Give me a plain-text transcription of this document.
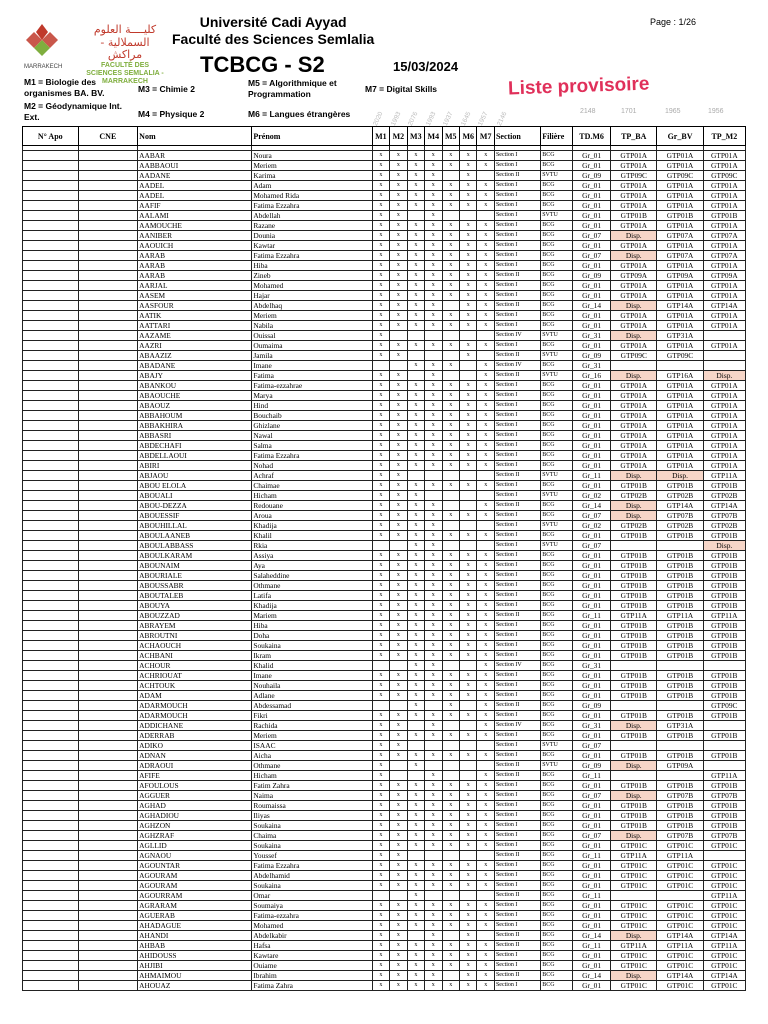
كليــــة العلوم السملالية - مراكش
FACULTÉ DES SCIENCES SEMLALIA - MARRAKECH
MARRAKECH
Université Cadi Ayyad
Faculté des Sciences Semlalia
TCBCG - S2	15/03/2024
Page : 1/26
Liste provisoire
M1 = Biologie des organismes BA. BV.
M2 = Géodynamique Int. Ext.
M3 = Chimie 2
M4 = Physique 2
M5 = Algorithmique et Programmation
M6 = Langues étrangères
M7 = Digital Skills
2020 1993 2076 1993 1937 1645 1957 2146	2148	1701	1965	1956
N° Apo	CNE	Nom	Prénom	M1	M2	M3	M4	M5	M6	M7	Section	Filière	TD.M6	TP_BA	Gr_BV	TP_M2

		AABAR	Noura	x	x	x	x	x	x	x	Section I	BCG	Gr_01	GTP01A	GTP01A	GTP01A
		AABBAOUI	Meriem	x	x	x	x	x	x	x	Section I	BCG	Gr_01	GTP01A	GTP01A	GTP01A
		AADANE	Karima	x	x	x	x		x		Section II	SVTU	Gr_09	GTP09C	GTP09C	GTP09C
		AADEL	Adam	x	x	x	x	x	x	x	Section I	BCG	Gr_01	GTP01A	GTP01A	GTP01A
		AADEL	Mohamed Rida	x	x	x	x	x	x	x	Section I	BCG	Gr_01	GTP01A	GTP01A	GTP01A
		AAFIF	Fatima Ezzahra	x	x	x	x	x	x	x	Section I	BCG	Gr_01	GTP01A	GTP01A	GTP01A
		AALAMI	Abdellah	x	x		x				Section I	SVTU	Gr_01	GTP01B	GTP01B	GTP01B
		AAMOUCHE	Razane	x	x	x	x	x	x	x	Section I	BCG	Gr_01	GTP01A	GTP01A	GTP01A
		AANIBER	Dounia	x	x	x	x	x	x	x	Section I	BCG	Gr_07	Disp.	GTP07A	GTP07A
		AAOUICH	Kawtar	x	x	x	x	x	x	x	Section I	BCG	Gr_01	GTP01A	GTP01A	GTP01A
		AARAB	Fatima Ezzahra	x	x	x	x	x	x	x	Section I	BCG	Gr_07	Disp.	GTP07A	GTP07A
		AARAB	Hiba	x	x	x	x	x	x	x	Section I	BCG	Gr_01	GTP01A	GTP01A	GTP01A
		AARAB	Zineb	x	x	x	x	x	x	x	Section II	BCG	Gr_09	GTP09A	GTP09A	GTP09A
		AARJAL	Mohamed	x	x	x	x	x	x	x	Section I	BCG	Gr_01	GTP01A	GTP01A	GTP01A
		AASEM	Hajar	x	x	x	x	x	x	x	Section I	BCG	Gr_01	GTP01A	GTP01A	GTP01A
		AASFOUR	Abdelhaq	x	x	x	x		x	x	Section II	BCG	Gr_14	Disp.	GTP14A	GTP14A
		AATIK	Meriem	x	x	x	x	x	x	x	Section I	BCG	Gr_01	GTP01A	GTP01A	GTP01A
		AATTARI	Nabila	x	x	x	x	x	x	x	Section I	BCG	Gr_01	GTP01A	GTP01A	GTP01A
		AAZAME	Ouissal	x							Section IV	SVTU	Gr_31	Disp.	GTP31A	
		AAZRI	Oumaima	x	x	x	x	x	x	x	Section I	BCG	Gr_01	GTP01A	GTP01A	GTP01A
		ABAAZIZ	Jamila	x	x				x		Section II	SVTU	Gr_09	GTP09C	GTP09C	
		ABADANE	Imane			x	x	x		x	Section IV	BCG	Gr_31			
		ABAJY	Fatima	x	x		x			x	Section II	SVTU	Gr_16	Disp.	GTP16A	Disp.
		ABANKOU	Fatima-ezzahrae	x	x	x	x	x	x	x	Section I	BCG	Gr_01	GTP01A	GTP01A	GTP01A
		ABAOUCHE	Marya	x	x	x	x	x	x	x	Section I	BCG	Gr_01	GTP01A	GTP01A	GTP01A
		ABAOUZ	Hind	x	x	x	x	x	x	x	Section I	BCG	Gr_01	GTP01A	GTP01A	GTP01A
		ABBAHOUM	Bouchaib	x	x	x	x	x	x	x	Section I	BCG	Gr_01	GTP01A	GTP01A	GTP01A
		ABBAKHIRA	Ghizlane	x	x	x	x	x	x	x	Section I	BCG	Gr_01	GTP01A	GTP01A	GTP01A
		ABBASRI	Nawal	x	x	x	x	x	x	x	Section I	BCG	Gr_01	GTP01A	GTP01A	GTP01A
		ABDECHAFI	Salma	x	x	x	x	x	x	x	Section I	BCG	Gr_01	GTP01A	GTP01A	GTP01A
		ABDELLAOUI	Fatima Ezzahra	x	x	x	x	x	x	x	Section I	BCG	Gr_01	GTP01A	GTP01A	GTP01A
		ABIRI	Nohad	x	x	x	x	x	x	x	Section I	BCG	Gr_01	GTP01A	GTP01A	GTP01A
		ABJAOU	Achraf	x	x						Section II	SVTU	Gr_11	Disp.	Disp.	GTP11A
		ABOU ELOLA	Chaimae	x	x	x	x	x	x	x	Section I	BCG	Gr_01	GTP01B	GTP01B	GTP01B
		ABOUALI	Hicham	x	x	x					Section I	SVTU	Gr_02	GTP02B	GTP02B	GTP02B
		ABOU-DEZZA	Redouane	x	x	x	x			x	Section II	BCG	Gr_14	Disp.	GTP14A	GTP14A
		ABOUESSIF	Aroua	x	x	x	x	x	x	x	Section I	BCG	Gr_07	Disp.	GTP07B	GTP07B
		ABOUHILLAL	Khadija	x	x	x	x				Section I	SVTU	Gr_02	GTP02B	GTP02B	GTP02B
		ABOULAANEB	Khalil	x	x	x	x	x	x	x	Section I	BCG	Gr_01	GTP01B	GTP01B	GTP01B
		ABOULABBASS	Rkia			x	x				Section I	SVTU	Gr_07			Disp.
		ABOULKARAM	Assiya	x	x	x	x	x	x	x	Section I	BCG	Gr_01	GTP01B	GTP01B	GTP01B
		ABOUNAIM	Aya	x	x	x	x	x	x	x	Section I	BCG	Gr_01	GTP01B	GTP01B	GTP01B
		ABOURIALE	Salaheddine	x	x	x	x	x	x	x	Section I	BCG	Gr_01	GTP01B	GTP01B	GTP01B
		ABOUSSABR	Othmane	x	x	x	x	x	x	x	Section I	BCG	Gr_01	GTP01B	GTP01B	GTP01B
		ABOUTALEB	Latifa	x	x	x	x	x	x	x	Section I	BCG	Gr_01	GTP01B	GTP01B	GTP01B
		ABOUYA	Khadija	x	x	x	x	x	x	x	Section I	BCG	Gr_01	GTP01B	GTP01B	GTP01B
		ABOUZZAD	Mariem	x	x	x	x	x	x	x	Section II	BCG	Gr_11	GTP11A	GTP11A	GTP11A
		ABRAYEM	Hiba	x	x	x	x	x	x	x	Section I	BCG	Gr_01	GTP01B	GTP01B	GTP01B
		ABROUTNI	Doha	x	x	x	x	x	x	x	Section I	BCG	Gr_01	GTP01B	GTP01B	GTP01B
		ACHAOUCH	Soukaina	x	x	x	x	x	x	x	Section I	BCG	Gr_01	GTP01B	GTP01B	GTP01B
		ACHBANI	Ikram	x	x	x	x	x	x	x	Section I	BCG	Gr_01	GTP01B	GTP01B	GTP01B
		ACHOUR	Khalid			x	x			x	Section IV	BCG	Gr_31			
		ACHRIOUAT	Imane	x	x	x	x	x	x	x	Section I	BCG	Gr_01	GTP01B	GTP01B	GTP01B
		ACHTOUK	Nouhaila	x	x	x	x	x	x	x	Section I	BCG	Gr_01	GTP01B	GTP01B	GTP01B
		ADAM	Adlane	x	x	x	x	x	x	x	Section I	BCG	Gr_01	GTP01B	GTP01B	GTP01B
		ADARMOUCH	Abdessamad			x		x		x	Section II	BCG	Gr_09			GTP09C
		ADARMOUCH	Fikri	x	x	x	x	x	x	x	Section I	BCG	Gr_01	GTP01B	GTP01B	GTP01B
		ADDICHANE	Rachida	x	x		x			x	Section IV	BCG	Gr_31	Disp.	GTP31A	
		ADERRAB	Meriem	x	x	x	x	x	x	x	Section I	BCG	Gr_01	GTP01B	GTP01B	GTP01B
		ADIKO	ISAAC	x	x						Section I	SVTU	Gr_07			
		ADNAN	Aicha	x	x	x	x	x	x	x	Section I	BCG	Gr_01	GTP01B	GTP01B	GTP01B
		ADRAOUI	Othmane	x		x					Section II	SVTU	Gr_09	Disp.	GTP09A	
		AFIFE	Hicham	x			x			x	Section II	BCG	Gr_11			GTP11A
		AFOULOUS	Fatim Zahra	x	x	x	x	x	x	x	Section I	BCG	Gr_01	GTP01B	GTP01B	GTP01B
		AGGUER	Naima	x	x	x	x	x	x	x	Section I	BCG	Gr_07	Disp.	GTP07B	GTP07B
		AGHAD	Roumaissa	x	x	x	x	x	x	x	Section I	BCG	Gr_01	GTP01B	GTP01B	GTP01B
		AGHADIOU	Iliyas	x	x	x	x	x	x	x	Section I	BCG	Gr_01	GTP01B	GTP01B	GTP01B
		AGHZON	Soukaina	x	x	x	x	x	x	x	Section I	BCG	Gr_01	GTP01B	GTP01B	GTP01B
		AGHZRAF	Chaima	x	x	x	x	x	x	x	Section I	BCG	Gr_07	Disp.	GTP07B	GTP07B
		AGLLID	Soukaina	x	x	x	x	x	x	x	Section I	BCG	Gr_01	GTP01C	GTP01C	GTP01C
		AGNAOU	Youssef	x	x						Section II	BCG	Gr_11	GTP11A	GTP11A	
		AGOUNTAR	Fatima Ezzahra	x	x	x	x	x	x	x	Section I	BCG	Gr_01	GTP01C	GTP01C	GTP01C
		AGOURAM	Abdelhamid	x	x	x	x	x	x	x	Section I	BCG	Gr_01	GTP01C	GTP01C	GTP01C
		AGOURAM	Soukaina	x	x	x	x	x	x	x	Section I	BCG	Gr_01	GTP01C	GTP01C	GTP01C
		AGOURRAM	Omar			x					Section II	BCG	Gr_11			GTP11A
		AGRARAM	Soumaiya	x	x	x	x	x	x	x	Section I	BCG	Gr_01	GTP01C	GTP01C	GTP01C
		AGUERAB	Fatima-ezzahra	x	x	x	x	x	x	x	Section I	BCG	Gr_01	GTP01C	GTP01C	GTP01C
		AHADAGUE	Mohamed	x	x	x	x	x	x	x	Section I	BCG	Gr_01	GTP01C	GTP01C	GTP01C
		AHANDI	Abdelkabir	x	x		x		x		Section II	BCG	Gr_14	Disp.	GTP14A	GTP14A
		AHBAB	Hafsa	x	x	x	x	x	x	x	Section II	BCG	Gr_11	GTP11A	GTP11A	GTP11A
		AHIDOUSS	Kawtare	x	x	x	x	x	x	x	Section I	BCG	Gr_01	GTP01C	GTP01C	GTP01C
		AHJIBI	Ouiame	x	x	x	x	x	x	x	Section I	BCG	Gr_01	GTP01C	GTP01C	GTP01C
		AHMAIMOU	Ibrahim	x	x	x	x		x	x	Section II	BCG	Gr_14	Disp.	GTP14A	GTP14A
		AHOUAZ	Fatima Zahra	x	x	x	x	x	x	x	Section I	BCG	Gr_01	GTP01C	GTP01C	GTP01C
